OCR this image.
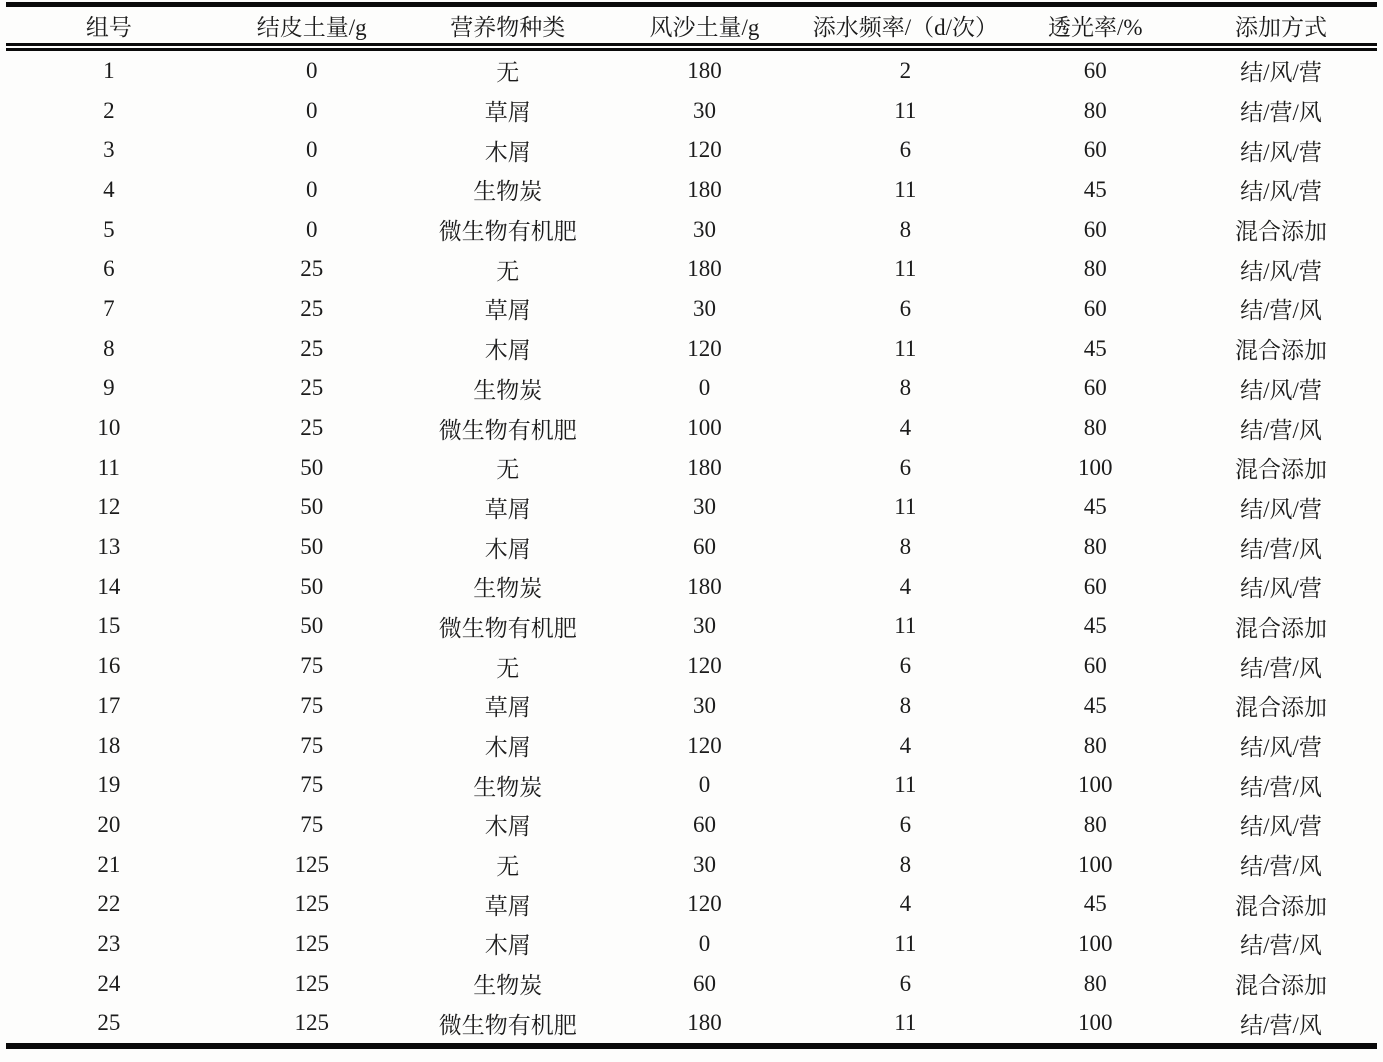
组号	结皮土量/g	营养物种类	风沙土量/g	添水频率/（d/次）	透光率/%	添加方式
1	0	无	180	2	60	结/风/营
2	0	草屑	30	11	80	结/营/风
3	0	木屑	120	6	60	结/风/营
4	0	生物炭	180	11	45	结/风/营
5	0	微生物有机肥	30	8	60	混合添加
6	25	无	180	11	80	结/风/营
7	25	草屑	30	6	60	结/营/风
8	25	木屑	120	11	45	混合添加
9	25	生物炭	0	8	60	结/风/营
10	25	微生物有机肥	100	4	80	结/营/风
11	50	无	180	6	100	混合添加
12	50	草屑	30	11	45	结/风/营
13	50	木屑	60	8	80	结/营/风
14	50	生物炭	180	4	60	结/风/营
15	50	微生物有机肥	30	11	45	混合添加
16	75	无	120	6	60	结/营/风
17	75	草屑	30	8	45	混合添加
18	75	木屑	120	4	80	结/风/营
19	75	生物炭	0	11	100	结/营/风
20	75	木屑	60	6	80	结/风/营
21	125	无	30	8	100	结/营/风
22	125	草屑	120	4	45	混合添加
23	125	木屑	0	11	100	结/营/风
24	125	生物炭	60	6	80	混合添加
25	125	微生物有机肥	180	11	100	结/营/风
